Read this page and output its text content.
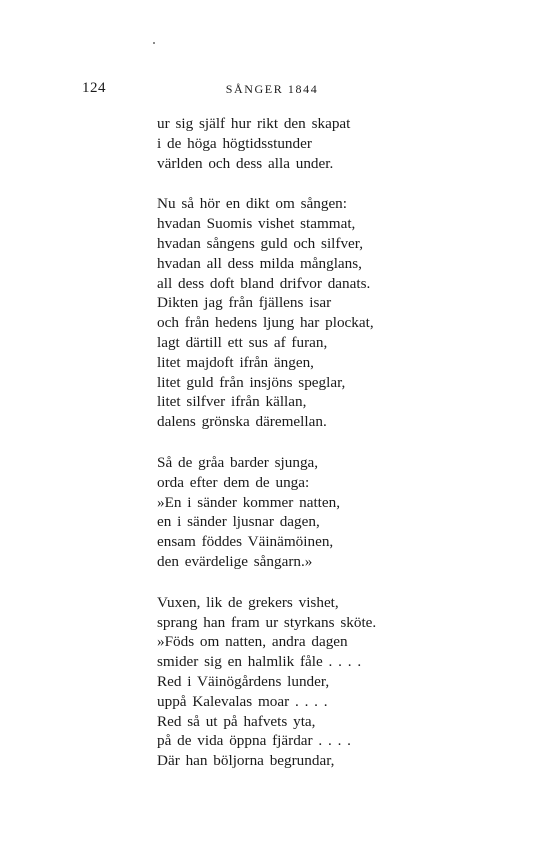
124	SÅNGER 1844
ur sig själf hur rikt den skapat
i de höga högtidsstunder
världen och dess alla under.
Nu så hör en dikt om sången:
hvadan Suomis vishet stammat,
hvadan sångens guld och silfver,
hvadan all dess milda månglans,
all dess doft bland drifvor danats.
Dikten jag från fjällens isar
och från hedens ljung har plockat,
lagt därtill ett sus af furan,
litet majdoft ifrån ängen,
litet guld från insjöns speglar,
litet silfver ifrån källan,
dalens grönska däremellan.
Så de gråa barder sjunga,
orda efter dem de unga:
»En i sänder kommer natten,
en i sänder ljusnar dagen,
ensam föddes Väinämöinen,
den evärdelige sångarn.»
Vuxen, lik de grekers vishet,
sprang han fram ur styrkans sköte.
»Föds om natten, andra dagen
smider sig en halmlik fåle . . . .
Red i Väinögårdens lunder,
uppå Kalevalas moar . . . .
Red så ut på hafvets yta,
på de vida öppna fjärdar . . . .
Där han böljorna begrundar,
